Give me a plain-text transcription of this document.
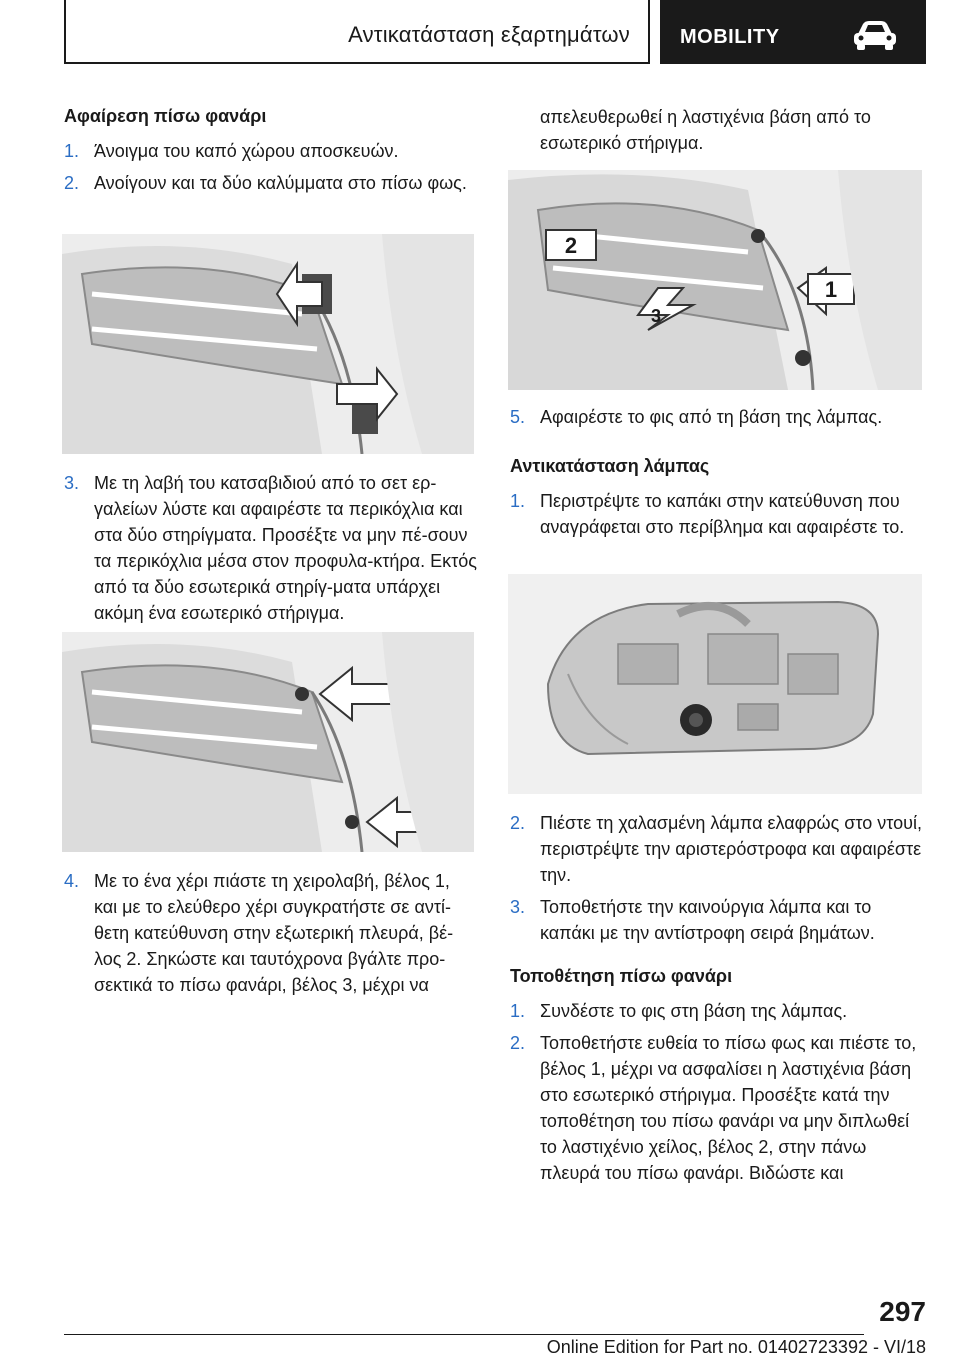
Αντικατάσταση εξαρτημάτων	MOBILITY
Αφαίρεση πίσω φανάρι
1. Άνοιγμα του καπό χώρου αποσκευών.
2. Ανοίγουν και τα δύο καλύμματα στο πίσω φως.
3. Με τη λαβή του κατσαβιδιού από το σετ ερ-γαλείων λύστε και αφαιρέστε τα περικόχλια και στα δύο στηρίγματα. Προσέξτε να μην πέ-σουν τα περικόχλια μέσα στον προφυλα-κτήρα. Εκτός από τα δύο εσωτερικά στηρίγ-ματα υπάρχει ακόμη ένα εσωτερικό στήριγμα.
4. Με το ένα χέρι πιάστε τη χειρολαβή, βέλος 1, και με το ελεύθερο χέρι συγκρατήστε σε αντί-θετη κατεύθυνση στην εξωτερική πλευρά, βέ-λος 2. Σηκώστε και ταυτόχρονα βγάλτε προ-σεκτικά το πίσω φανάρι, βέλος 3, μέχρι να
απελευθερωθεί η λαστιχένια βάση από το εσωτερικό στήριγμα.
2
1
3
5. Αφαιρέστε το φις από τη βάση της λάμπας.
Αντικατάσταση λάμπας
1. Περιστρέψτε το καπάκι στην κατεύθυνση που αναγράφεται στο περίβλημα και αφαιρέστε το.
2. Πιέστε τη χαλασμένη λάμπα ελαφρώς στο ντουί, περιστρέψτε την αριστερόστροφα και αφαιρέστε την.
3. Τοποθετήστε την καινούργια λάμπα και το καπάκι με την αντίστροφη σειρά βημάτων.
Τοποθέτηση πίσω φανάρι
1. Συνδέστε το φις στη βάση της λάμπας.
2. Τοποθετήστε ευθεία το πίσω φως και πιέστε το, βέλος 1, μέχρι να ασφαλίσει η λαστιχένια βάση στο εσωτερικό στήριγμα. Προσέξτε κατά την τοποθέτηση του πίσω φανάρι να μην διπλωθεί το λαστιχένιο χείλος, βέλος 2, στην πάνω πλευρά του πίσω φανάρι. Βιδώστε και
297
Online Edition for Part no. 01402723392 - VI/18
